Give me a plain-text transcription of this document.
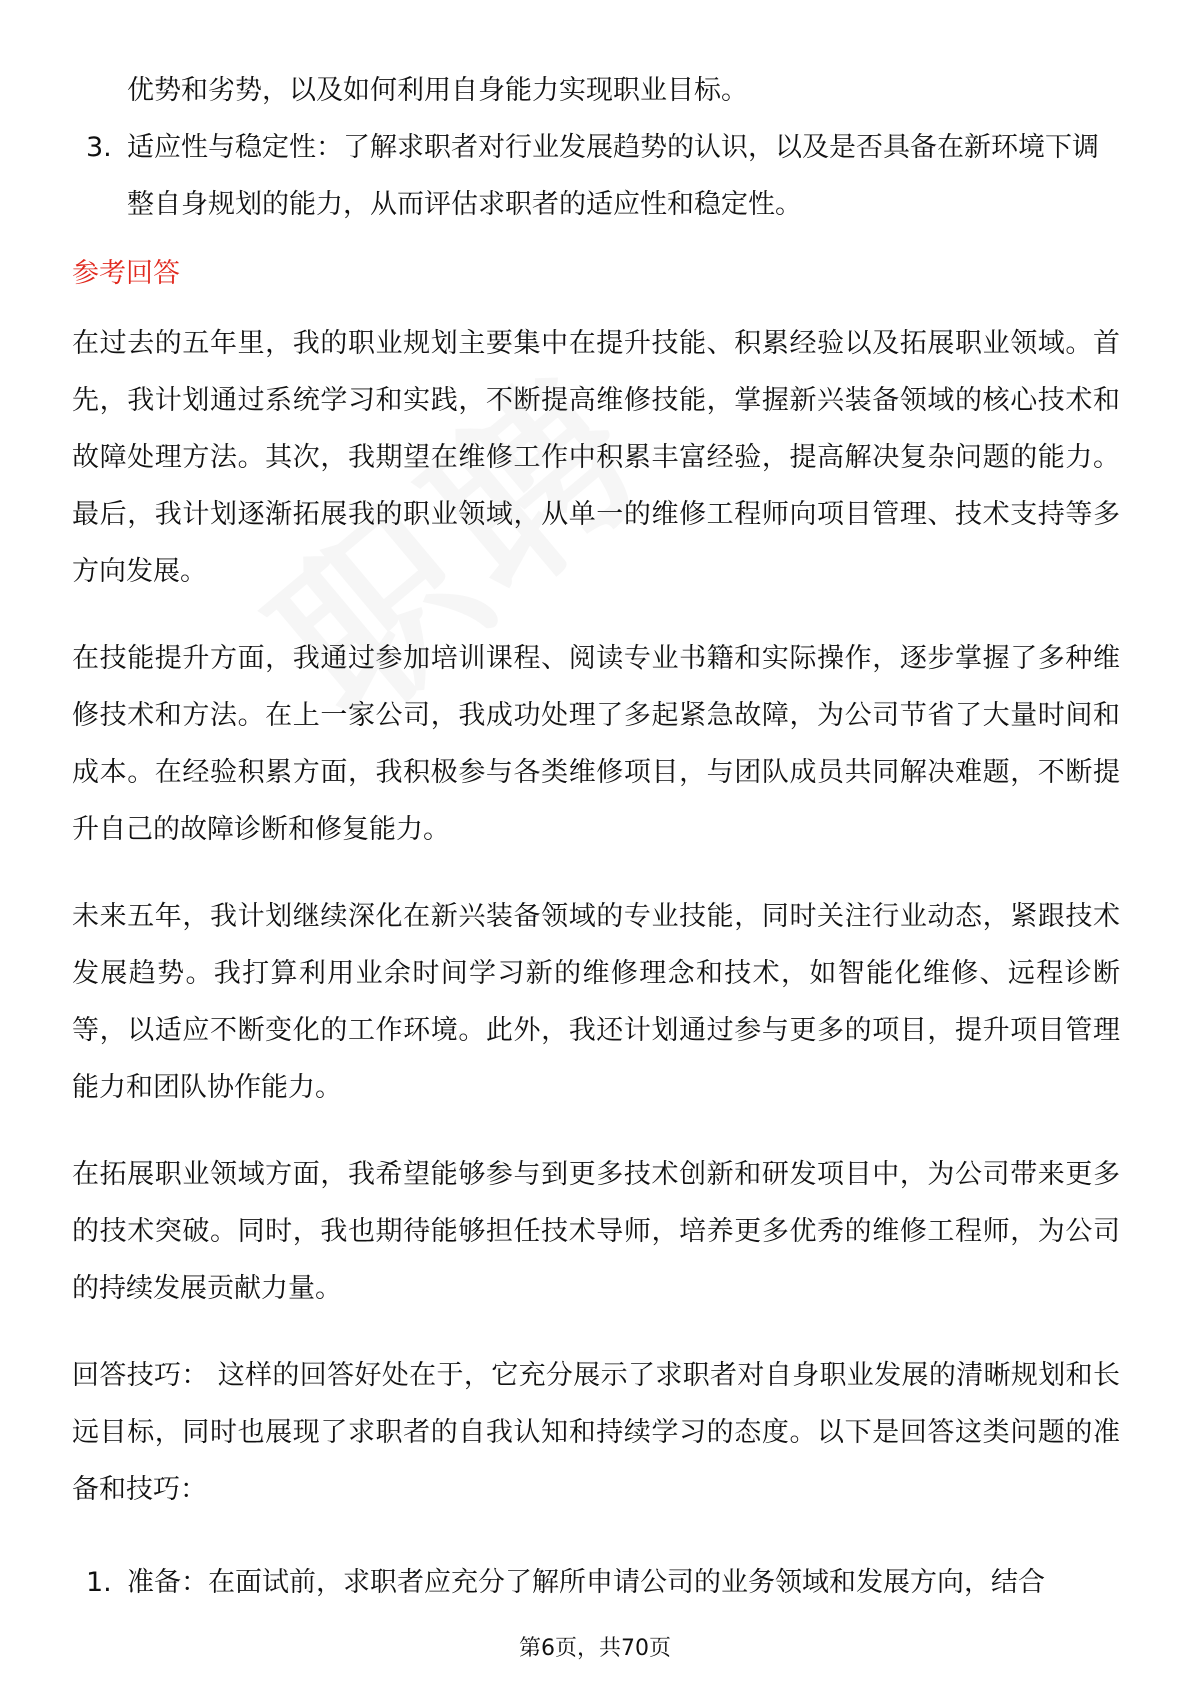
优势和劣势，以及如何利用自身能力实现职业目标。
3. 适应性与稳定性：了解求职者对行业发展趋势的认识，以及是否具备在新环境下调整自身规划的能力，从而评估求职者的适应性和稳定性。
参考回答

在过去的五年里，我的职业规划主要集中在提升技能、积累经验以及拓展职业领域。首先，我计划通过系统学习和实践，不断提高维修技能，掌握新兴装备领域的核心技术和故障处理方法。其次，我期望在维修工作中积累丰富经验，提高解决复杂问题的能力。最后，我计划逐渐拓展我的职业领域，从单一的维修工程师向项目管理、技术支持等多方向发展。

在技能提升方面，我通过参加培训课程、阅读专业书籍和实际操作，逐步掌握了多种维修技术和方法。在上一家公司，我成功处理了多起紧急故障，为公司节省了大量时间和成本。在经验积累方面，我积极参与各类维修项目，与团队成员共同解决难题，不断提升自己的故障诊断和修复能力。

未来五年，我计划继续深化在新兴装备领域的专业技能，同时关注行业动态，紧跟技术发展趋势。我打算利用业余时间学习新的维修理念和技术，如智能化维修、远程诊断等，以适应不断变化的工作环境。此外，我还计划通过参与更多的项目，提升项目管理能力和团队协作能力。

在拓展职业领域方面，我希望能够参与到更多技术创新和研发项目中，为公司带来更多的技术突破。同时，我也期待能够担任技术导师，培养更多优秀的维修工程师，为公司的持续发展贡献力量。

回答技巧： 这样的回答好处在于，它充分展示了求职者对自身职业发展的清晰规划和长远目标，同时也展现了求职者的自我认知和持续学习的态度。以下是回答这类问题的准备和技巧：

1. 准备：在面试前，求职者应充分了解所申请公司的业务领域和发展方向，结合
第6页，共70页
